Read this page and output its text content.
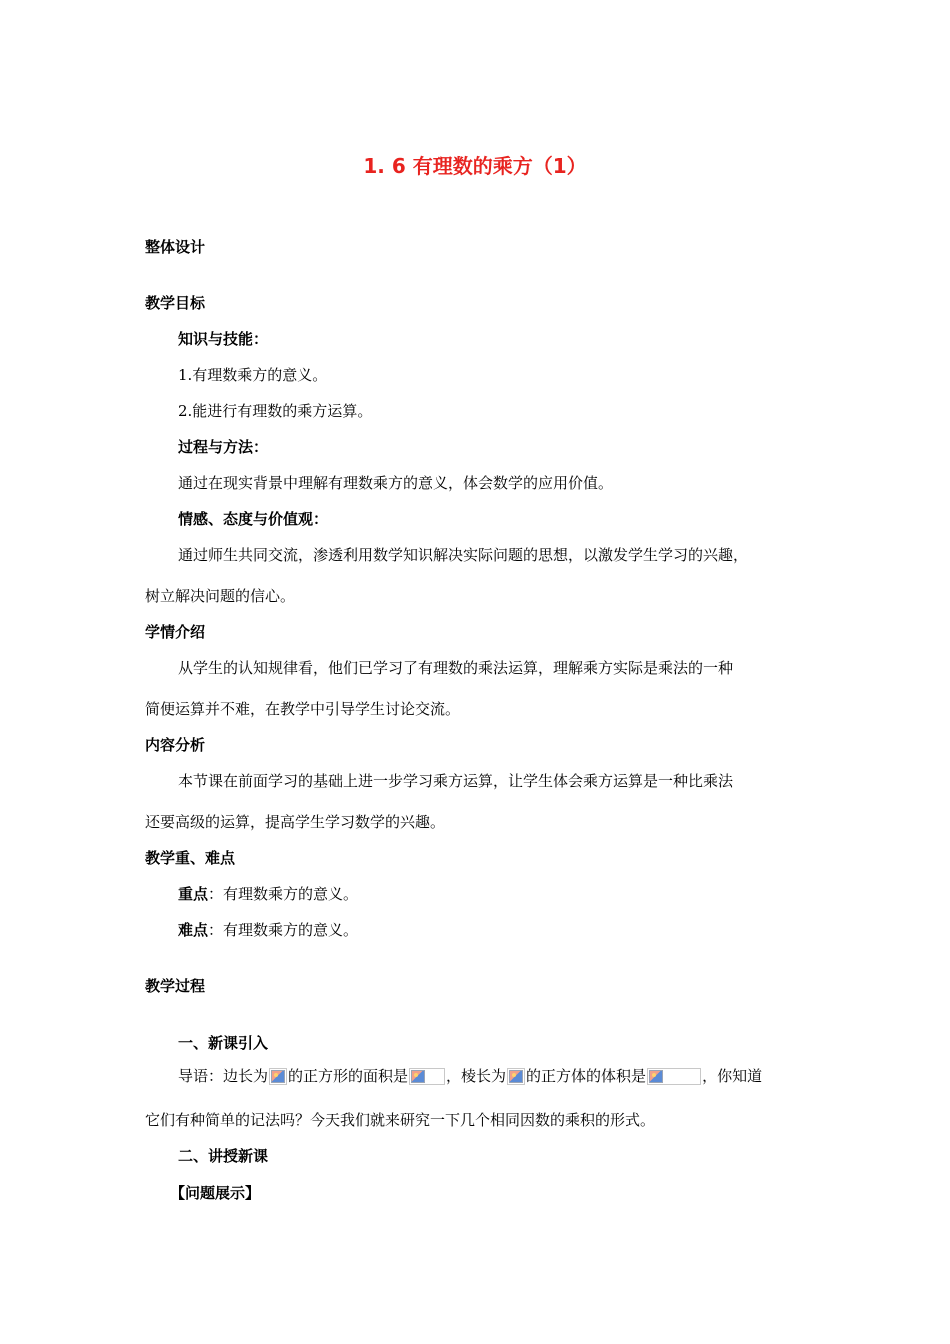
1. 6 有理数的乘方（1）
整体设计
教学目标
知识与技能：
1.有理数乘方的意义。
2.能进行有理数的乘方运算。
过程与方法：
通过在现实背景中理解有理数乘方的意义，体会数学的应用价值。
情感、态度与价值观：
通过师生共同交流，渗透利用数学知识解决实际问题的思想，以激发学生学习的兴趣，
树立解决问题的信心。
学情介绍
从学生的认知规律看，他们已学习了有理数的乘法运算，理解乘方实际是乘法的一种
简便运算并不难，在教学中引导学生讨论交流。
内容分析
本节课在前面学习的基础上进一步学习乘方运算，让学生体会乘方运算是一种比乘法
还要高级的运算，提高学生学习数学的兴趣。
教学重、难点
重点：有理数乘方的意义。
难点：有理数乘方的意义。
教学过程
一、新课引入
导语：边长为 的正方形的面积是	，棱长为 的正方体的体积是	，你知道
它们有种简单的记法吗？今天我们就来研究一下几个相同因数的乘积的形式。
二、讲授新课
【问题展示】
